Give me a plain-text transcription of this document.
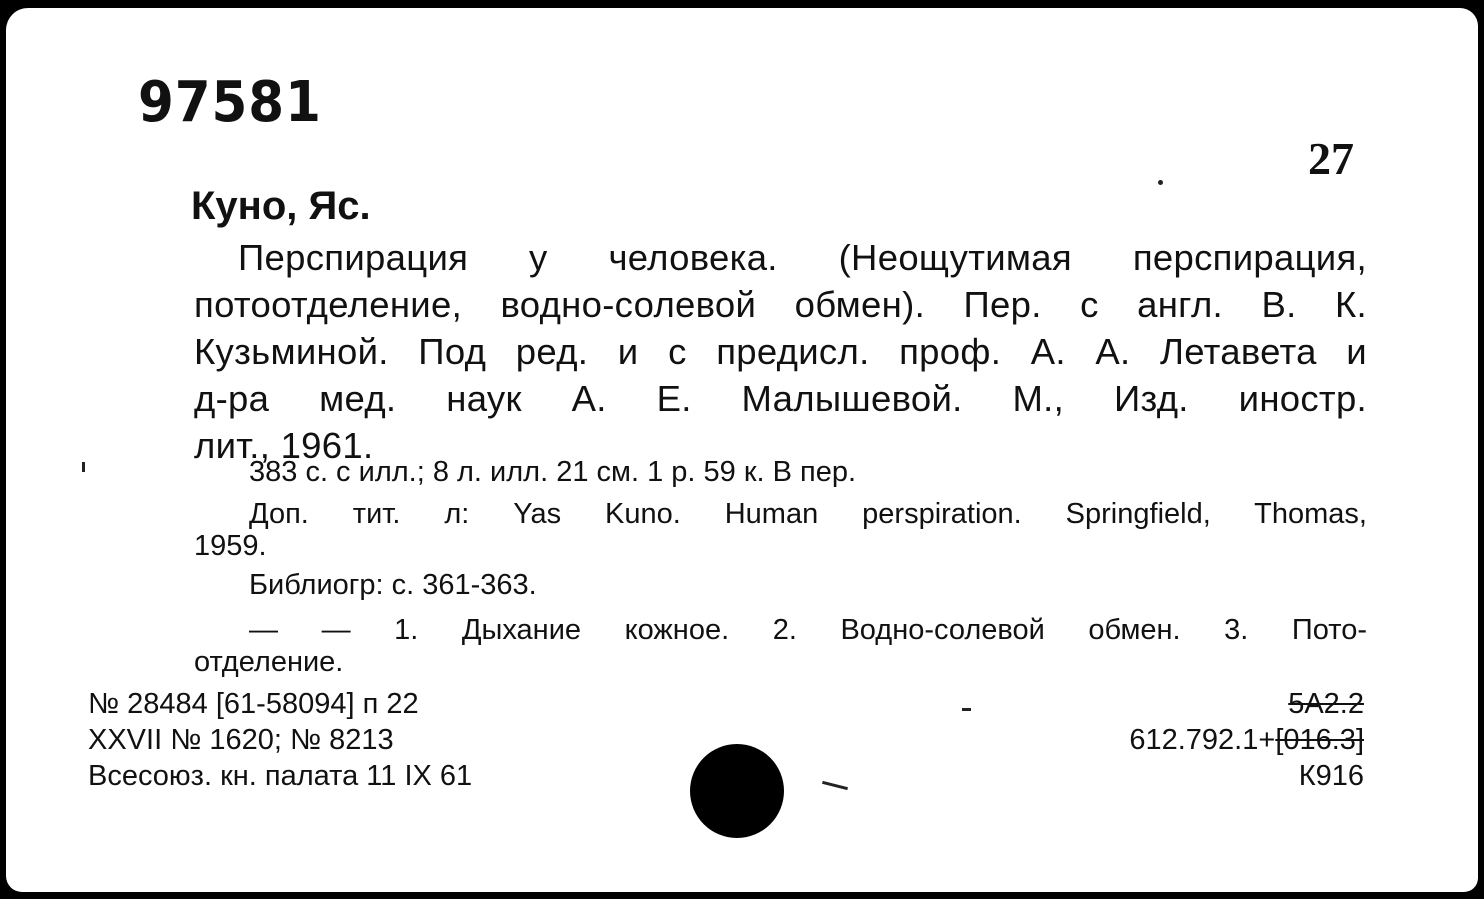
97581
27
Куно, Яс.
Перспирация у человека. (Неощутимая перспирация,
потоотделение, водно-солевой обмен). Пер. с англ. В. К.
Кузьминой. Под ред. и с предисл. проф. А. А. Летавета и
д-ра мед. наук А. Е. Малышевой. М., Изд. иностр.
лит., 1961.
383 с. с илл.; 8 л. илл. 21 см. 1 р. 59 к. В пер.
Доп. тит. л: Yas Kuno. Human perspiration. Springfield, Thomas,
1959.
Библиогр: с. 361-363.
— — 1. Дыхание кожное. 2. Водно-солевой обмен. 3. Пото-
отделение.
№ 28484 [61-58094] п 22
XXVII № 1620; № 8213
Всесоюз. кн. палата 11 IX 61
5А2.2
612.792.1+[016.3]
К916
